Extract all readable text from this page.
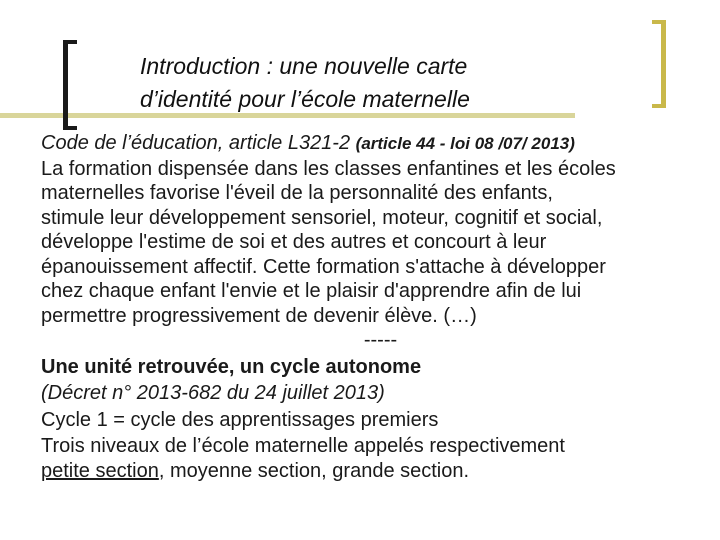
Introduction : une nouvelle carte
d’identité pour l’école maternelle

Code de l’éducation, article L321-2 (article 44 - loi 08 /07/ 2013)

La formation dispensée dans les classes enfantines et les écoles

maternelles favorise l'éveil de la personnalité des enfants,

stimule leur développement sensoriel, moteur, cognitif et social,

développe l'estime de soi et des autres et concourt à leur

épanouissement affectif. Cette formation s'attache à développer

chez chaque enfant l'envie et le plaisir d'apprendre afin de lui

permettre progressivement de devenir élève. (…)

-----

Une unité retrouvée, un cycle autonome

(Décret n° 2013-682 du 24 juillet 2013)

Cycle 1 = cycle des apprentissages premiers

Trois niveaux de l’école maternelle appelés respectivement

petite section, moyenne section, grande section.
